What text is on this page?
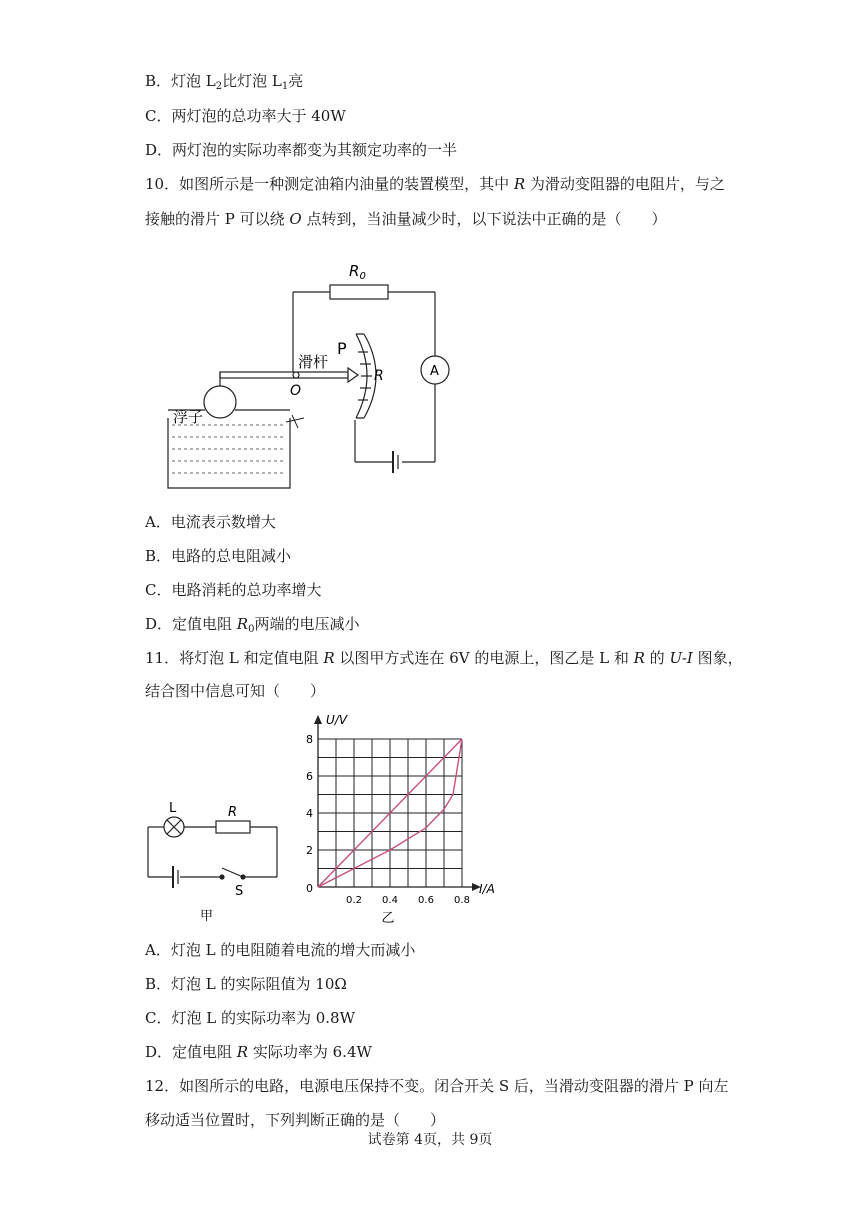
B．灯泡 $L_2$比灯泡 $L_1$亮
C．两灯泡的总功率大于 40W
D．两灯泡的实际功率都变为其额定功率的一半
10．如图所示是一种测定油箱内油量的装置模型，其中 R 为滑动变阻器的电阻片，与之
接触的滑片 P 可以绕 O 点转到，当油量减少时，以下说法中正确的是（　　）
$R_0$
P
滑杆
O
R	A
浮子
A．电流表示数增大
B．电路的总电阻减小
C．电路消耗的总功率增大
D．定值电阻 $R_0$两端的电压减小
11．将灯泡 L 和定值电阻 R 以图甲方式连在 6V 的电源上，图乙是 L 和 R 的 U-I 图象，
结合图中信息可知（　　）
L	R
S
甲
0.2 0.4 0.6 0.8
2
4
6
8
0
U/V
I/A
乙
A．灯泡 L 的电阻随着电流的增大而减小
B．灯泡 L 的实际阻值为 10Ω
C．灯泡 L 的实际功率为 0.8W
D．定值电阻 R 实际功率为 6.4W
12．如图所示的电路，电源电压保持不变。闭合开关 S 后，当滑动变阻器的滑片 P 向左
移动适当位置时，下列判断正确的是（　　）
试卷第 4页，共 9页
